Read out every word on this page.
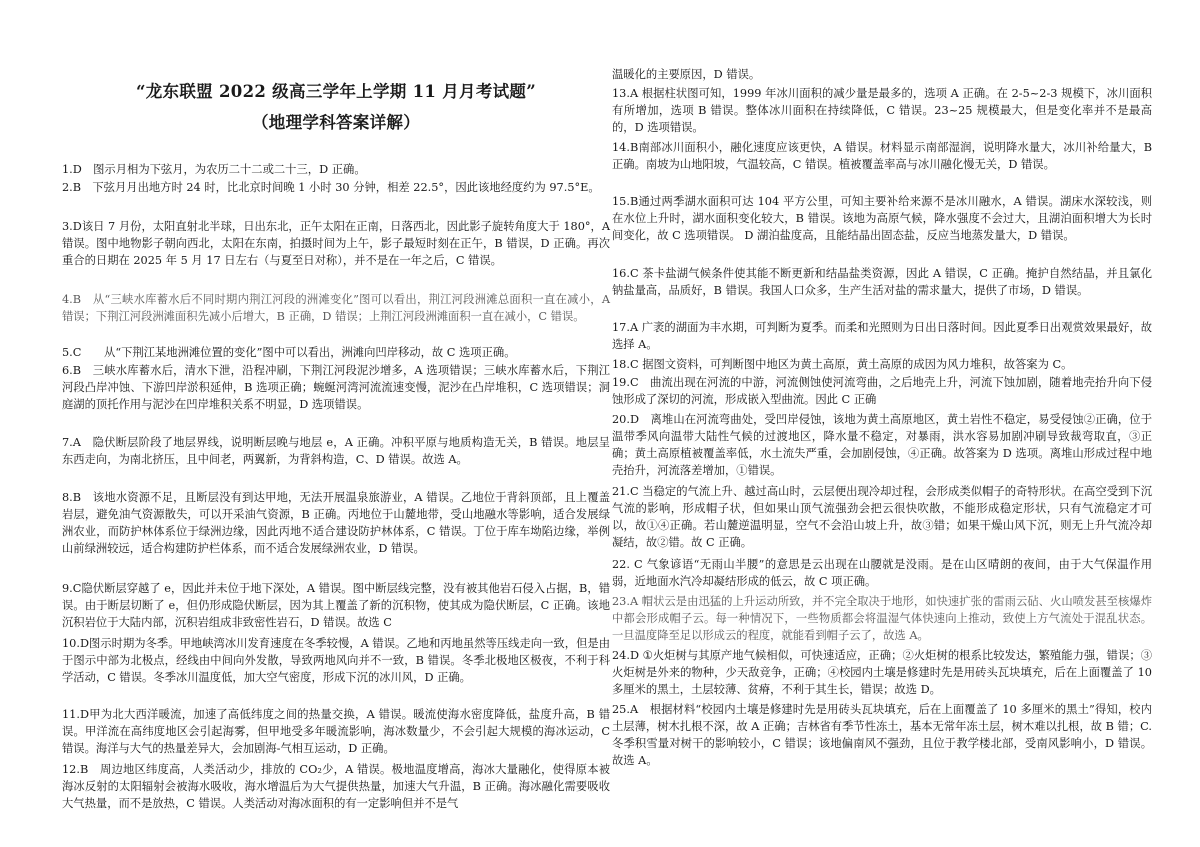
“龙东联盟 2022 级高三学年上学期 11 月月考试题”
（地理学科答案详解）

1.D　图示月相为下弦月，为农历二十二或二十三，D 正确。

2.B　下弦月月出地方时 24 时，比北京时间晚 1 小时 30 分钟，相差 22.5°，因此该地经度约为 97.5°E。

3.D该日 7 月份，太阳直射北半球，日出东北，正午太阳在正南，日落西北，因此影子旋转角度大于 180°，A 错误。图中地物影子朝向西北，太阳在东南，拍摄时间为上午，影子最短时刻在正午，B 错误，D 正确。再次重合的日期在 2025 年 5 月 17 日左右（与夏至日对称），并不是在一年之后，C 错误。

4.B　从“三峡水库蓄水后不同时期内荆江河段的洲滩变化”图可以看出，荆江河段洲滩总面积一直在减小，A 错误；下荆江河段洲滩面积先减小后增大，B 正确，D 错误；上荆江河段洲滩面积一直在减小，C 错误。

5.C　　从“下荆江某地洲滩位置的变化”图中可以看出，洲滩向凹岸移动，故 C 选项正确。

6.B　三峡水库蓄水后，清水下泄，沿程冲刷，下荆江河段泥沙增多，A 选项错误；三峡水库蓄水后，下荆江河段凸岸冲蚀、下游凹岸淤积延伸，B 选项正确；蜿蜒河湾河流流速变慢，泥沙在凸岸堆积，C 选项错误；洞庭湖的顶托作用与泥沙在凹岸堆积关系不明显，D 选项错误。

7.A　隐伏断层阶段了地层界线，说明断层晚与地层 e，A 正确。冲积平原与地质构造无关，B 错误。地层呈东西走向，为南北挤压，且中间老，两翼新，为背斜构造，C、D 错误。故选 A。

8.B　该地水资源不足，且断层没有到达甲地，无法开展温泉旅游业，A 错误。乙地位于背斜顶部，且上覆盖岩层，避免油气资源散失，可以开采油气资源，B 正确。丙地位于山麓地带，受山地融水等影响，适合发展绿洲农业，而防护林体系位于绿洲边缘，因此丙地不适合建设防护林体系，C 错误。丁位于库车坳陷边缘，举例山前绿洲较远，适合构建防护栏体系，而不适合发展绿洲农业，D 错误。

9.C隐伏断层穿越了 e，因此并未位于地下深处，A 错误。图中断层线完整，没有被其他岩石侵入占据，B，错误。由于断层切断了 e，但仍形成隐伏断层，因为其上覆盖了新的沉积物，使其成为隐伏断层，C 正确。该地沉积岩位于大陆内部，沉积岩组成非致密性岩石，D 错误。故选 C

10.D图示时期为冬季。甲地峡湾冰川发育速度在冬季较慢，A 错误。乙地和丙地虽然等压线走向一致，但是由于图示中部为北极点，经线由中间向外发散，导致两地风向并不一致，B 错误。冬季北极地区极夜，不利于科学活动，C 错误。冬季冰川温度低，加大空气密度，形成下沉的冰川风，D 正确。

11.D甲为北大西洋暖流，加速了高低纬度之间的热量交换，A 错误。暖流使海水密度降低，盐度升高，B 错误。甲洋流在高纬度地区会引起海雾，但甲地受多年暖流影响，海冰数量少，不会引起大规模的海冰运动，C 错误。海洋与大气的热量差异大，会加剧海-气相互运动，D 正确。

12.B　周边地区纬度高，人类活动少，排放的 CO₂少，A 错误。极地温度增高，海冰大量融化，使得原本被海冰反射的太阳辐射会被海水吸收，海水增温后为大气提供热量，加速大气升温，B 正确。海冰融化需要吸收大气热量，而不是放热，C 错误。人类活动对海冰面积的有一定影响但并不是气

温暖化的主要原因，D 错误。

13.A 根据柱状图可知，1999 年冰川面积的减少量是最多的，选项 A 正确。在 2-5~2-3 规模下，冰川面积有所增加，选项 B 错误。整体冰川面积在持续降低，C 错误。23~25 规模最大，但是变化率并不是最高的，D 选项错误。

14.B南部冰川面积小，融化速度应该更快，A 错误。材料显示南部湿润，说明降水量大，冰川补给量大，B 正确。南坡为山地阳坡，气温较高，C 错误。植被覆盖率高与冰川融化慢无关，D 错误。

15.B通过两季湖水面积可达 104 平方公里，可知主要补给来源不是冰川融水，A 错误。湖床水深较浅，则在水位上升时，湖水面积变化较大，B 错误。该地为高原气候，降水强度不会过大，且湖泊面积增大为长时间变化，故 C 选项错误。 D 湖泊盐度高，且能结晶出固态盐，反应当地蒸发量大，D 错误。

16.C 茶卡盐湖气候条件使其能不断更新和结晶盐类资源，因此 A 错误，C 正确。掩护自然结晶，并且氯化钠盐量高，品质好，B 错误。我国人口众多，生产生活对盐的需求量大，提供了市场，D 错误。

17.A 广袤的湖面为丰水期，可判断为夏季。而柔和光照则为日出日落时间。因此夏季日出观赏效果最好，故选择 A。

18.C 据图文资料，可判断图中地区为黄土高原，黄土高原的成因为风力堆积，故答案为 C。

19.C　曲流出现在河流的中游，河流侧蚀使河流弯曲，之后地壳上升，河流下蚀加剧，随着地壳抬升向下侵蚀形成了深切的河流，形成嵌入型曲流。因此 C 正确

20.D　离堆山在河流弯曲处，受凹岸侵蚀，该地为黄土高原地区，黄土岩性不稳定，易受侵蚀②正确，位于温带季风向温带大陆性气候的过渡地区，降水量不稳定，对暴雨，洪水容易加剧冲刷导致裁弯取直，③正确；黄土高原植被覆盖率低，水土流失严重，会加剧侵蚀，④正确。故答案为 D 选项。离堆山形成过程中地壳抬升，河流落差增加，①错误。

21.C 当稳定的气流上升、越过高山时，云层便出现冷却过程，会形成类似帽子的奇特形状。在高空受到下沉气流的影响，形成帽子状，但如果山顶气流强劲会把云很快吹散，不能形成稳定形状，只有气流稳定才可以，故①④正确。若山麓逆温明显，空气不会沿山坡上升，故③错；如果干燥山风下沉，则无上升气流冷却凝结，故②错。故 C 正确。

22. C 气象谚语“无雨山半腰”的意思是云出现在山腰就是没雨。是在山区晴朗的夜间，由于大气保温作用弱，近地面水汽冷却凝结形成的低云，故 C 项正确。

23.A 帽状云是由迅猛的上升运动所致，并不完全取决于地形，如快速扩张的雷雨云砧、火山喷发甚至核爆炸中都会形成帽子云。每一种情况下，一些物质都会将温湿气体快速向上推动，致使上方气流处于混乱状态。一旦温度降至足以形成云的程度，就能看到帽子云了，故选 A。

24.D ①火炬树与其原产地气候相似，可快速适应，正确；②火炬树的根系比较发达，繁殖能力强，错误；③火炬树是外来的物种，少天敌竞争，正确；④校园内土壤是修建时先是用砖头瓦块填充，后在上面覆盖了 10 多厘米的黑土，土层较薄、贫瘠，不利于其生长，错误；故选 D。

25.A　根据材料“校园内土壤是修建时先是用砖头瓦块填充，后在上面覆盖了 10 多厘米的黑土”得知，校内土层薄，树木扎根不深，故 A 正确；吉林省有季节性冻土，基本无常年冻土层，树木难以扎根，故 B 错；C.冬季积雪量对树干的影响较小，C 错误；该地偏南风不强劲，且位于教学楼北部，受南风影响小，D 错误。故选 A。
